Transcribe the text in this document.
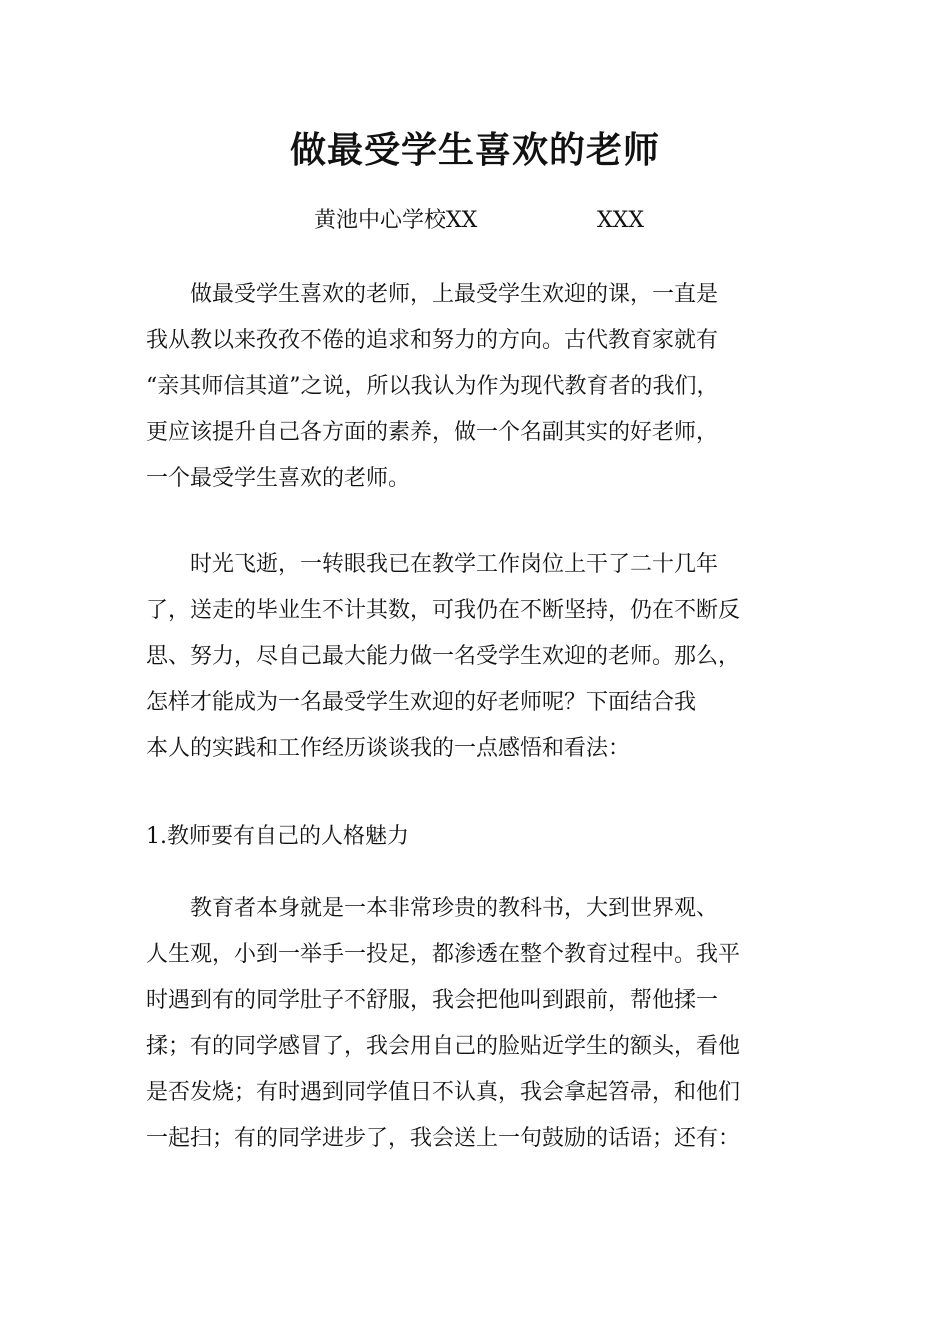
做最受学生喜欢的老师
黄池中心学校XX	XXX
　　做最受学生喜欢的老师，上最受学生欢迎的课，一直是
我从教以来孜孜不倦的追求和努力的方向。古代教育家就有
“亲其师信其道”之说，所以我认为作为现代教育者的我们，
更应该提升自己各方面的素养，做一个名副其实的好老师，
一个最受学生喜欢的老师。
　　时光飞逝，一转眼我已在教学工作岗位上干了二十几年
了，送走的毕业生不计其数，可我仍在不断坚持，仍在不断反
思、努力，尽自己最大能力做一名受学生欢迎的老师。那么，
怎样才能成为一名最受学生欢迎的好老师呢？下面结合我
本人的实践和工作经历谈谈我的一点感悟和看法：
1.教师要有自己的人格魅力
　　教育者本身就是一本非常珍贵的教科书，大到世界观、
人生观，小到一举手一投足，都渗透在整个教育过程中。我平
时遇到有的同学肚子不舒服，我会把他叫到跟前，帮他揉一
揉；有的同学感冒了，我会用自己的脸贴近学生的额头，看他
是否发烧；有时遇到同学值日不认真，我会拿起笤帚，和他们
一起扫；有的同学进步了，我会送上一句鼓励的话语；还有：
